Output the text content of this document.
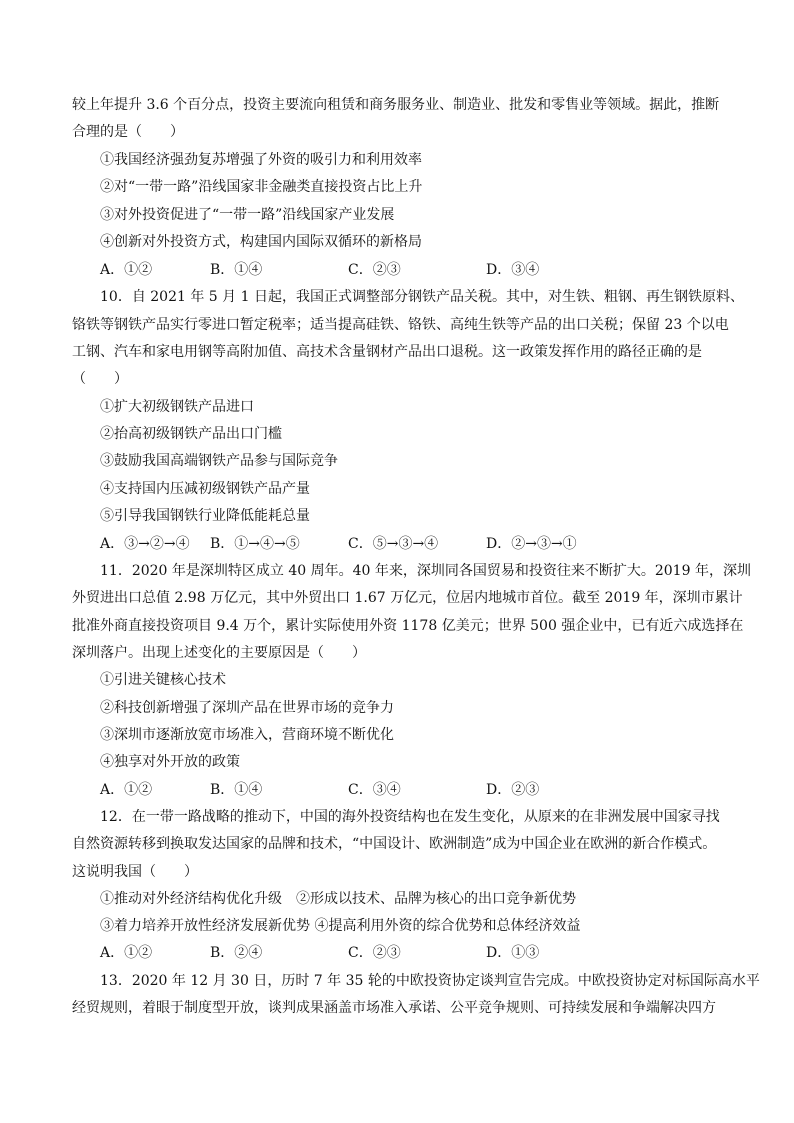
较上年提升 3.6 个百分点，投资主要流向租赁和商务服务业、制造业、批发和零售业等领域。据此，推断
合理的是（　　）
①我国经济强劲复苏增强了外资的吸引力和利用效率
②对“一带一路”沿线国家非金融类直接投资占比上升
③对外投资促进了“一带一路”沿线国家产业发展
④创新对外投资方式，构建国内国际双循环的新格局
A．①②	B．①④	C．②③	D．③④
10．自 2021 年 5 月 1 日起，我国正式调整部分钢铁产品关税。其中，对生铁、粗钢、再生钢铁原料、
铬铁等钢铁产品实行零进口暂定税率；适当提高硅铁、铬铁、高纯生铁等产品的出口关税；保留 23 个以电
工钢、汽车和家电用钢等高附加值、高技术含量钢材产品出口退税。这一政策发挥作用的路径正确的是
（　　）
①扩大初级钢铁产品进口
②抬高初级钢铁产品出口门槛
③鼓励我国高端钢铁产品参与国际竞争
④支持国内压减初级钢铁产品产量
⑤引导我国钢铁行业降低能耗总量
A．③→②→④ B．①→④→⑤	C．⑤→③→④	D．②→③→①
11．2020 年是深圳特区成立 40 周年。40 年来，深圳同各国贸易和投资往来不断扩大。2019 年，深圳
外贸进出口总值 2.98 万亿元，其中外贸出口 1.67 万亿元，位居内地城市首位。截至 2019 年，深圳市累计
批准外商直接投资项目 9.4 万个，累计实际使用外资 1178 亿美元；世界 500 强企业中，已有近六成选择在
深圳落户。出现上述变化的主要原因是（　　）
①引进关键核心技术
②科技创新增强了深圳产品在世界市场的竞争力
③深圳市逐渐放宽市场准入，营商环境不断优化
④独享对外开放的政策
A．①②	B．①④	C．③④	D．②③
12．在一带一路战略的推动下，中国的海外投资结构也在发生变化，从原来的在非洲发展中国家寻找
自然资源转移到换取发达国家的品牌和技术，“中国设计、欧洲制造”成为中国企业在欧洲的新合作模式。
这说明我国（　　）
①推动对外经济结构优化升级　②形成以技术、品牌为核心的出口竞争新优势
③着力培养开放性经济发展新优势 ④提高利用外资的综合优势和总体经济效益
A．①②	B．②④	C．②③	D．①③
13．2020 年 12 月 30 日，历时 7 年 35 轮的中欧投资协定谈判宣告完成。中欧投资协定对标国际高水平
经贸规则，着眼于制度型开放，谈判成果涵盖市场准入承诺、公平竞争规则、可持续发展和争端解决四方
